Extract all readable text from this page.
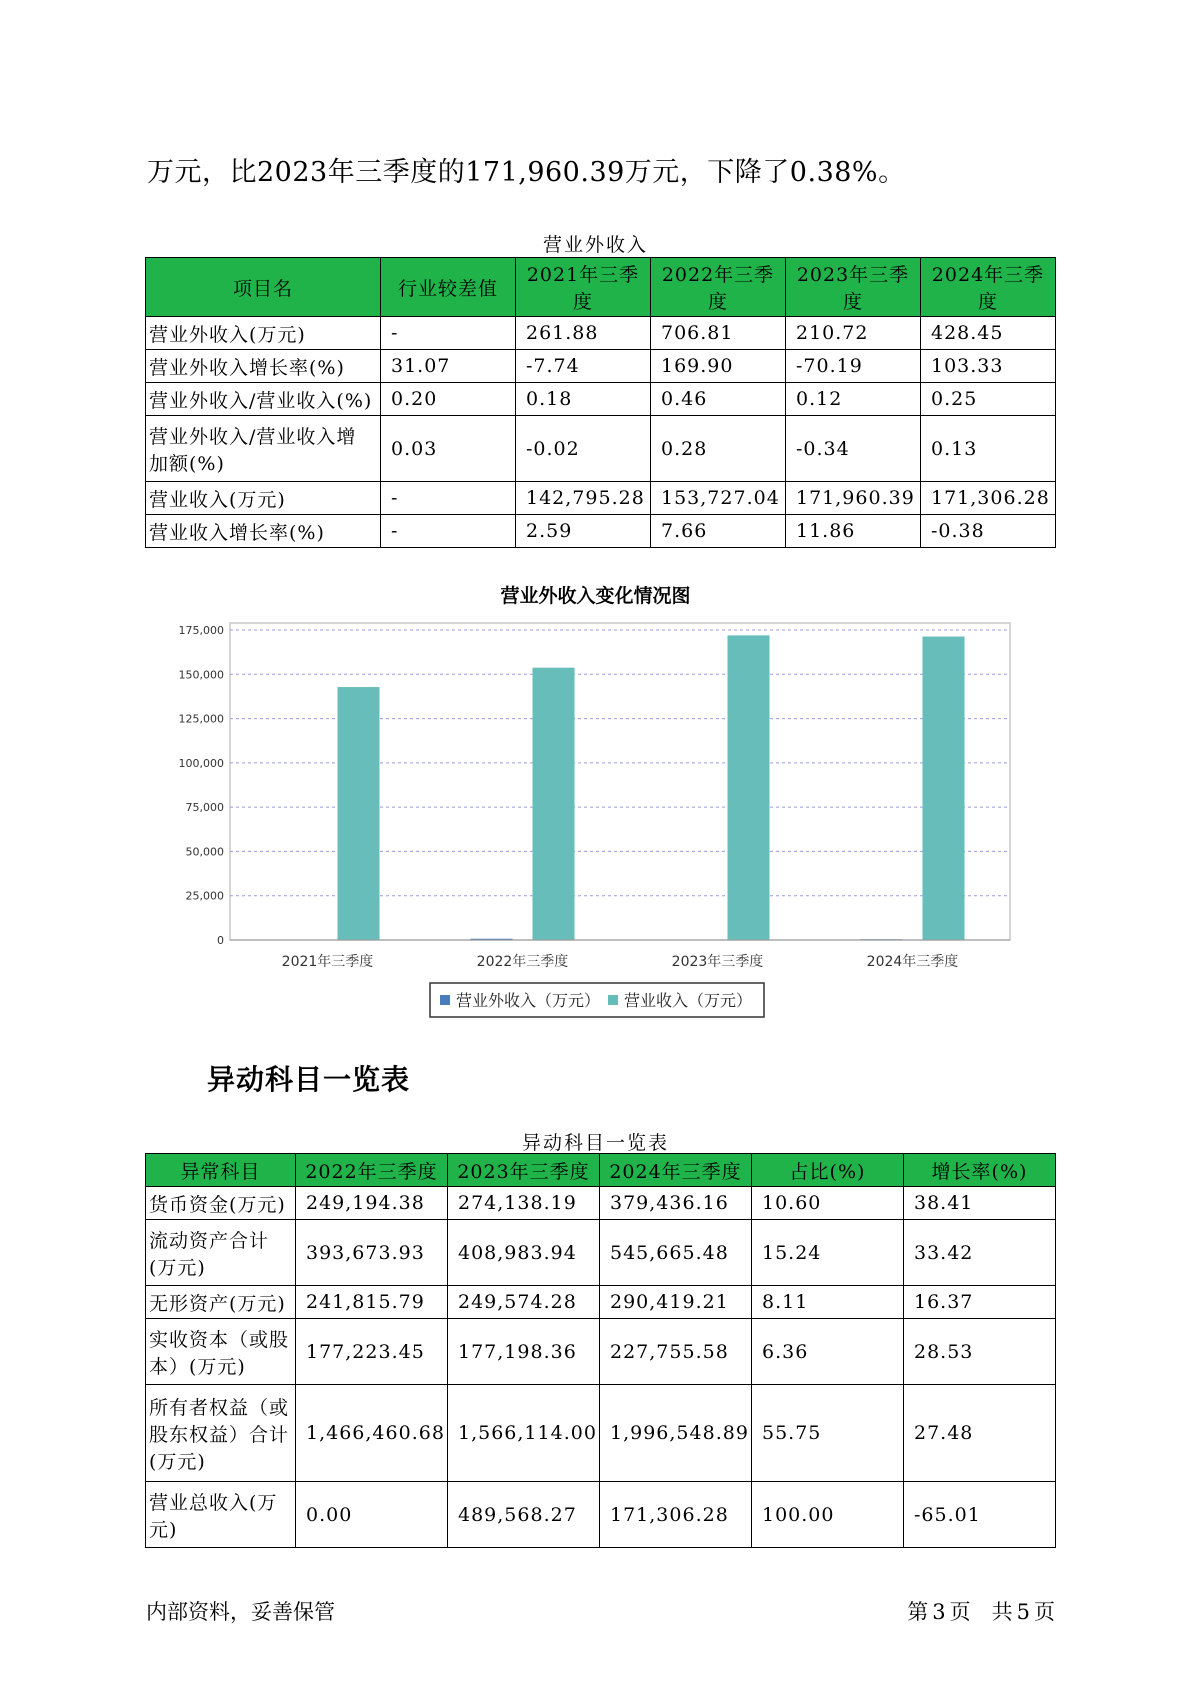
万元，比2023年三季度的171,960.39万元，下降了0.38%。
营业外收入
项目名	行业较差值	2021年三季度	2022年三季度	2023年三季度	2024年三季度
营业外收入(万元)	-	261.88	706.81	210.72	428.45
营业外收入增长率(%)	31.07	-7.74	169.90	-70.19	103.33
营业外收入/营业收入(%)	0.20	0.18	0.46	0.12	0.25
营业外收入/营业收入增加额(%)	0.03	-0.02	0.28	-0.34	0.13
营业收入(万元)	-	142,795.28	153,727.04	171,960.39	171,306.28
营业收入增长率(%)	-	2.59	7.66	11.86	-0.38
营业外收入变化情况图
0
25,000
50,000
75,000
100,000
125,000
150,000
175,000
2021年三季度	2022年三季度	2023年三季度	2024年三季度
营业外收入（万元） 营业收入（万元）
异动科目一览表
异动科目一览表
异常科目	2022年三季度	2023年三季度	2024年三季度	占比(%)	增长率(%)
货币资金(万元)	249,194.38	274,138.19	379,436.16	10.60	38.41
流动资产合计(万元)	393,673.93	408,983.94	545,665.48	15.24	33.42
无形资产(万元)	241,815.79	249,574.28	290,419.21	8.11	16.37
实收资本（或股本）(万元)	177,223.45	177,198.36	227,755.58	6.36	28.53
所有者权益（或股东权益）合计(万元)	1,466,460.68	1,566,114.00	1,996,548.89	55.75	27.48
营业总收入(万元)	0.00	489,568.27	171,306.28	100.00	-65.01
内部资料，妥善保管	第 3 页　共 5 页
